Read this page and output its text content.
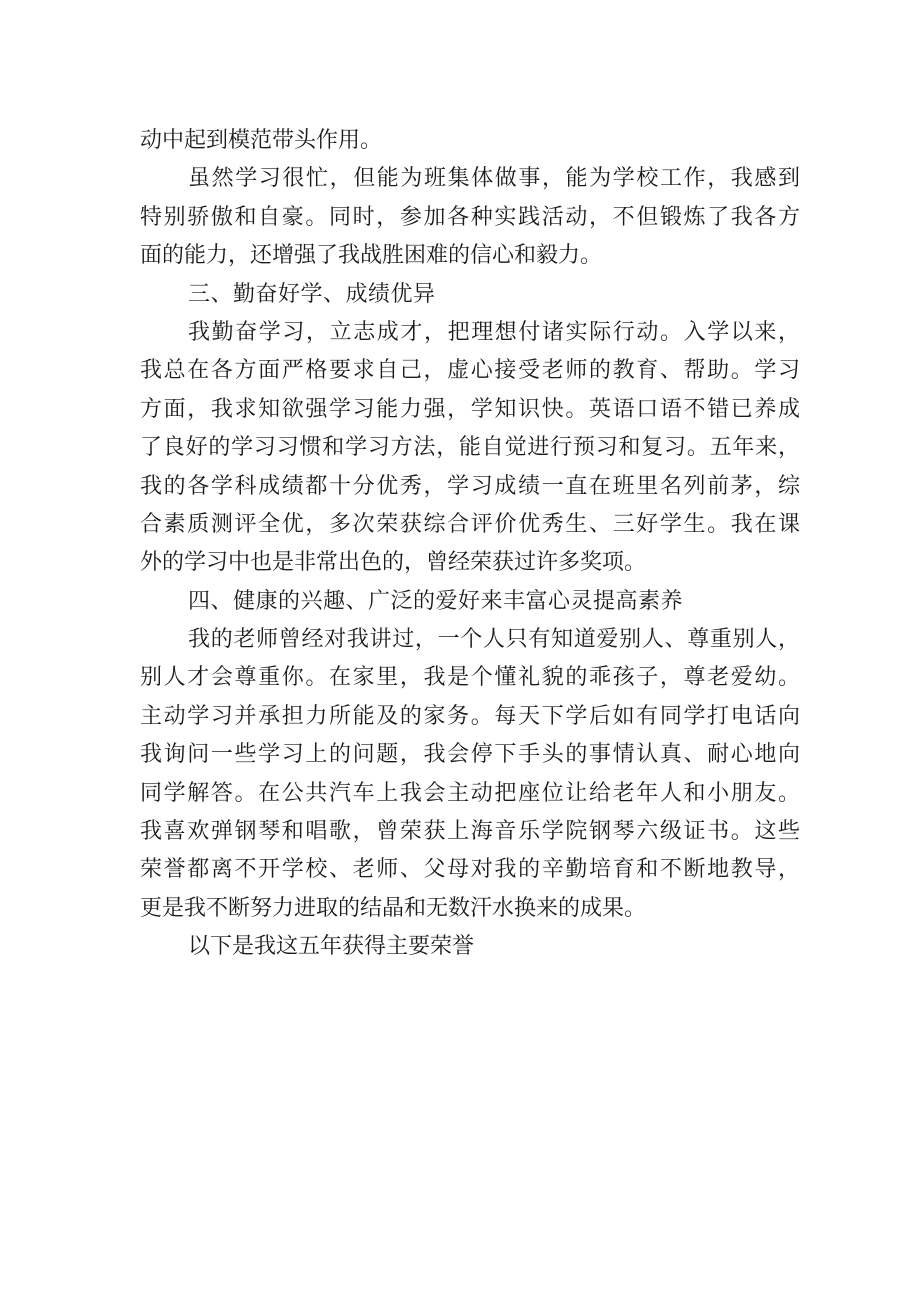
动中起到模范带头作用。
虽然学习很忙，但能为班集体做事，能为学校工作，我感到
特别骄傲和自豪。同时，参加各种实践活动，不但锻炼了我各方
面的能力，还增强了我战胜困难的信心和毅力。
三、勤奋好学、成绩优异
我勤奋学习，立志成才，把理想付诸实际行动。入学以来，
我总在各方面严格要求自己，虚心接受老师的教育、帮助。学习
方面，我求知欲强学习能力强，学知识快。英语口语不错已养成
了良好的学习习惯和学习方法，能自觉进行预习和复习。五年来，
我的各学科成绩都十分优秀，学习成绩一直在班里名列前茅，综
合素质测评全优，多次荣获综合评价优秀生、三好学生。我在课
外的学习中也是非常出色的，曾经荣获过许多奖项。
四、健康的兴趣、广泛的爱好来丰富心灵提高素养
我的老师曾经对我讲过，一个人只有知道爱别人、尊重别人，
别人才会尊重你。在家里，我是个懂礼貌的乖孩子，尊老爱幼。
主动学习并承担力所能及的家务。每天下学后如有同学打电话向
我询问一些学习上的问题，我会停下手头的事情认真、耐心地向
同学解答。在公共汽车上我会主动把座位让给老年人和小朋友。
我喜欢弹钢琴和唱歌，曾荣获上海音乐学院钢琴六级证书。这些
荣誉都离不开学校、老师、父母对我的辛勤培育和不断地教导，
更是我不断努力进取的结晶和无数汗水换来的成果。
以下是我这五年获得主要荣誉
